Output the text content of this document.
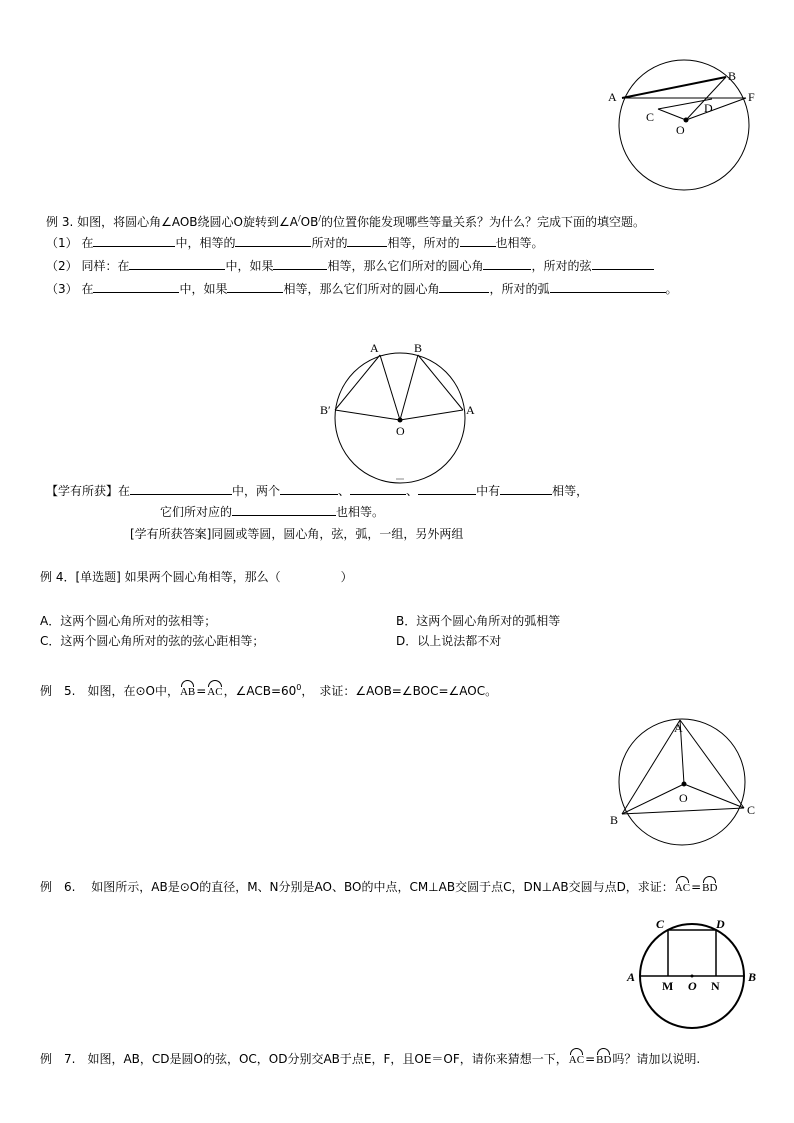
A
B
F
C
D
O
例 3. 如图，将圆心角∠AOB绕圆心O旋转到∠A/OB/的位置你能发现哪些等量关系？为什么？完成下面的填空题。
（1） 在	中，相等的	所对的	相等，所对的	也相等。
（2） 同样：在	中，如果	相等，那么它们所对的圆心角	，所对的弦
（3） 在	中，如果	相等，那么它们所对的圆心角	，所对的弧	。
A	B
B′	A
O
【学有所获】在	中，两个	、	、	中有	相等，
它们所对应的	也相等。
[学有所获答案]同圆或等圆，圆心角，弦，弧，一组，另外两组
例 4．[单选题] 如果两个圆心角相等，那么（　　　　　）
A．这两个圆心角所对的弦相等；	B．这两个圆心角所对的弧相等
C．这两个圆心角所对的弦的弦心距相等；	D．以上说法都不对
例　5.　如图，在⊙O中，AB=AC，$\angle ACB=60^0$，　求证：∠AOB=∠BOC=∠AOC。
A
O
B
C
例　6.　 如图所示，AB是⊙O的直径，M、N分别是AO、BO的中点，CM⊥AB交圆于点C，DN⊥AB交圆与点D，求证：AC=BD
C	D
A	B
M O N
例　7.　如图，AB，CD是圆O的弦，OC，OD分别交AB于点E，F，且OE＝OF，请你来猜想一下，AC=BD吗？请加以说明.
